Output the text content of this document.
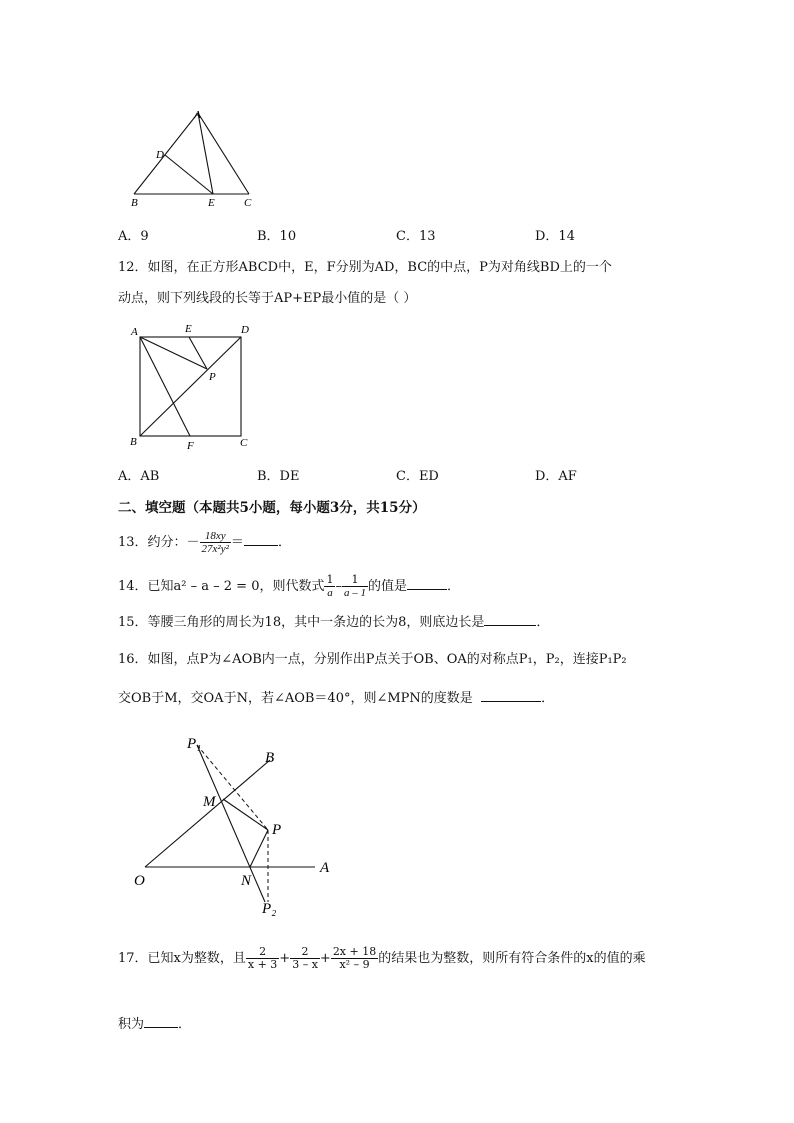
A
D
B	E	C
A．9	B．10	C．13	D．14
12．如图，在正方形ABCD中，E，F分别为AD，BC的中点，P为对角线BD上的一个
动点，则下列线段的长等于AP+EP最小值的是（ ）
A	E	D
P
B	F	C
A．AB	B．DE	C．ED	D．AF
二、填空题（本题共5小题，每小题3分，共15分）
13．约分：－ $\frac{18xy}{\text{27x²y²}}$ ＝	．
14．已知a² – a – 2 = 0，则代数式 $\frac{1}{a} - \frac{1}{a - 1}$ 的值是	．
15．等腰三角形的周长为18，其中一条边的长为8，则底边长是	．
16．如图，点P为∠AOB内一点，分别作出P点关于OB、OA的对称点P₁，P₂，连接P₁P₂
交OB于M，交OA于N，若∠AOB＝40°，则∠MPN的度数是	．
P₁
B
M
P
O	N
A
P₂
17．已知x为整数，且 $\frac{2}{x + 3} + \frac{2}{3 - x} + \frac{2x + 18}{\text{x² – 9}}$ 的结果也为整数，则所有符合条件的x的值的乘
积为	．
